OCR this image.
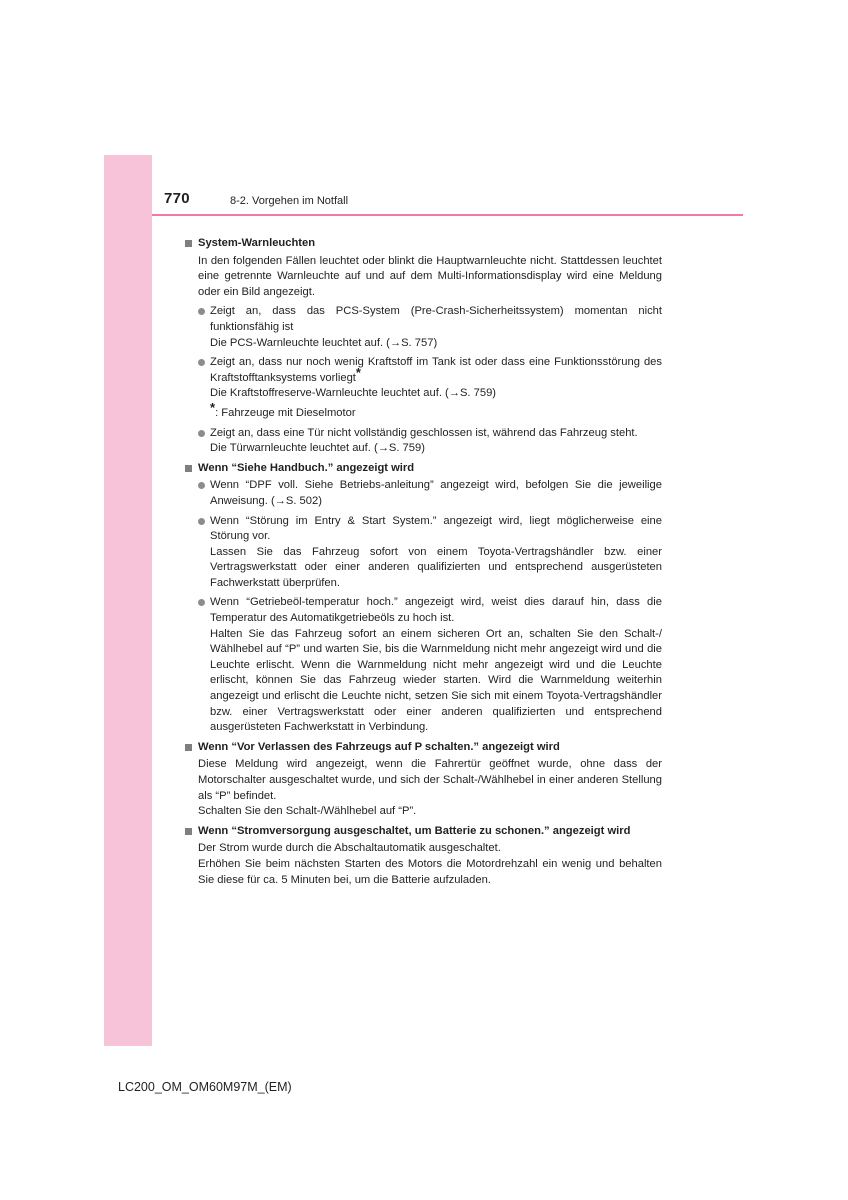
770	8-2. Vorgehen im Notfall
System-Warnleuchten
In den folgenden Fällen leuchtet oder blinkt die Hauptwarnleuchte nicht. Stattdessen leuchtet eine getrennte Warnleuchte auf und auf dem Multi-Informationsdisplay wird eine Meldung oder ein Bild angezeigt.
Zeigt an, dass das PCS-System (Pre-Crash-Sicherheitssystem) momentan nicht funktionsfähig ist
Die PCS-Warnleuchte leuchtet auf. (→S. 757)
Zeigt an, dass nur noch wenig Kraftstoff im Tank ist oder dass eine Funktionsstörung des Kraftstofftanksystems vorliegt*
Die Kraftstoffreserve-Warnleuchte leuchtet auf. (→S. 759)
*: Fahrzeuge mit Dieselmotor
Zeigt an, dass eine Tür nicht vollständig geschlossen ist, während das Fahrzeug steht.
Die Türwarnleuchte leuchtet auf. (→S. 759)
Wenn “Siehe Handbuch.” angezeigt wird
Wenn “DPF voll. Siehe Betriebs-anleitung” angezeigt wird, befolgen Sie die jeweilige Anweisung. (→S. 502)
Wenn “Störung im Entry & Start System.” angezeigt wird, liegt möglicherweise eine Störung vor.
Lassen Sie das Fahrzeug sofort von einem Toyota-Vertragshändler bzw. einer Vertragswerkstatt oder einer anderen qualifizierten und entsprechend ausgerüsteten Fachwerkstatt überprüfen.
Wenn “Getriebeöl-temperatur hoch.” angezeigt wird, weist dies darauf hin, dass die Temperatur des Automatikgetriebeöls zu hoch ist.
Halten Sie das Fahrzeug sofort an einem sicheren Ort an, schalten Sie den Schalt-/ Wählhebel auf “P” und warten Sie, bis die Warnmeldung nicht mehr angezeigt wird und die Leuchte erlischt. Wenn die Warnmeldung nicht mehr angezeigt wird und die Leuchte erlischt, können Sie das Fahrzeug wieder starten. Wird die Warnmeldung weiterhin angezeigt und erlischt die Leuchte nicht, setzen Sie sich mit einem Toyota-Vertragshändler bzw. einer Vertragswerkstatt oder einer anderen qualifizierten und entsprechend ausgerüsteten Fachwerkstatt in Verbindung.
Wenn “Vor Verlassen des Fahrzeugs auf P schalten.” angezeigt wird
Diese Meldung wird angezeigt, wenn die Fahrertür geöffnet wurde, ohne dass der Motorschalter ausgeschaltet wurde, und sich der Schalt-/Wählhebel in einer anderen Stellung als “P” befindet.
Schalten Sie den Schalt-/Wählhebel auf “P”.
Wenn “Stromversorgung ausgeschaltet, um Batterie zu schonen.” angezeigt wird
Der Strom wurde durch die Abschaltautomatik ausgeschaltet.
Erhöhen Sie beim nächsten Starten des Motors die Motordrehzahl ein wenig und behalten Sie diese für ca. 5 Minuten bei, um die Batterie aufzuladen.
LC200_OM_OM60M97M_(EM)
